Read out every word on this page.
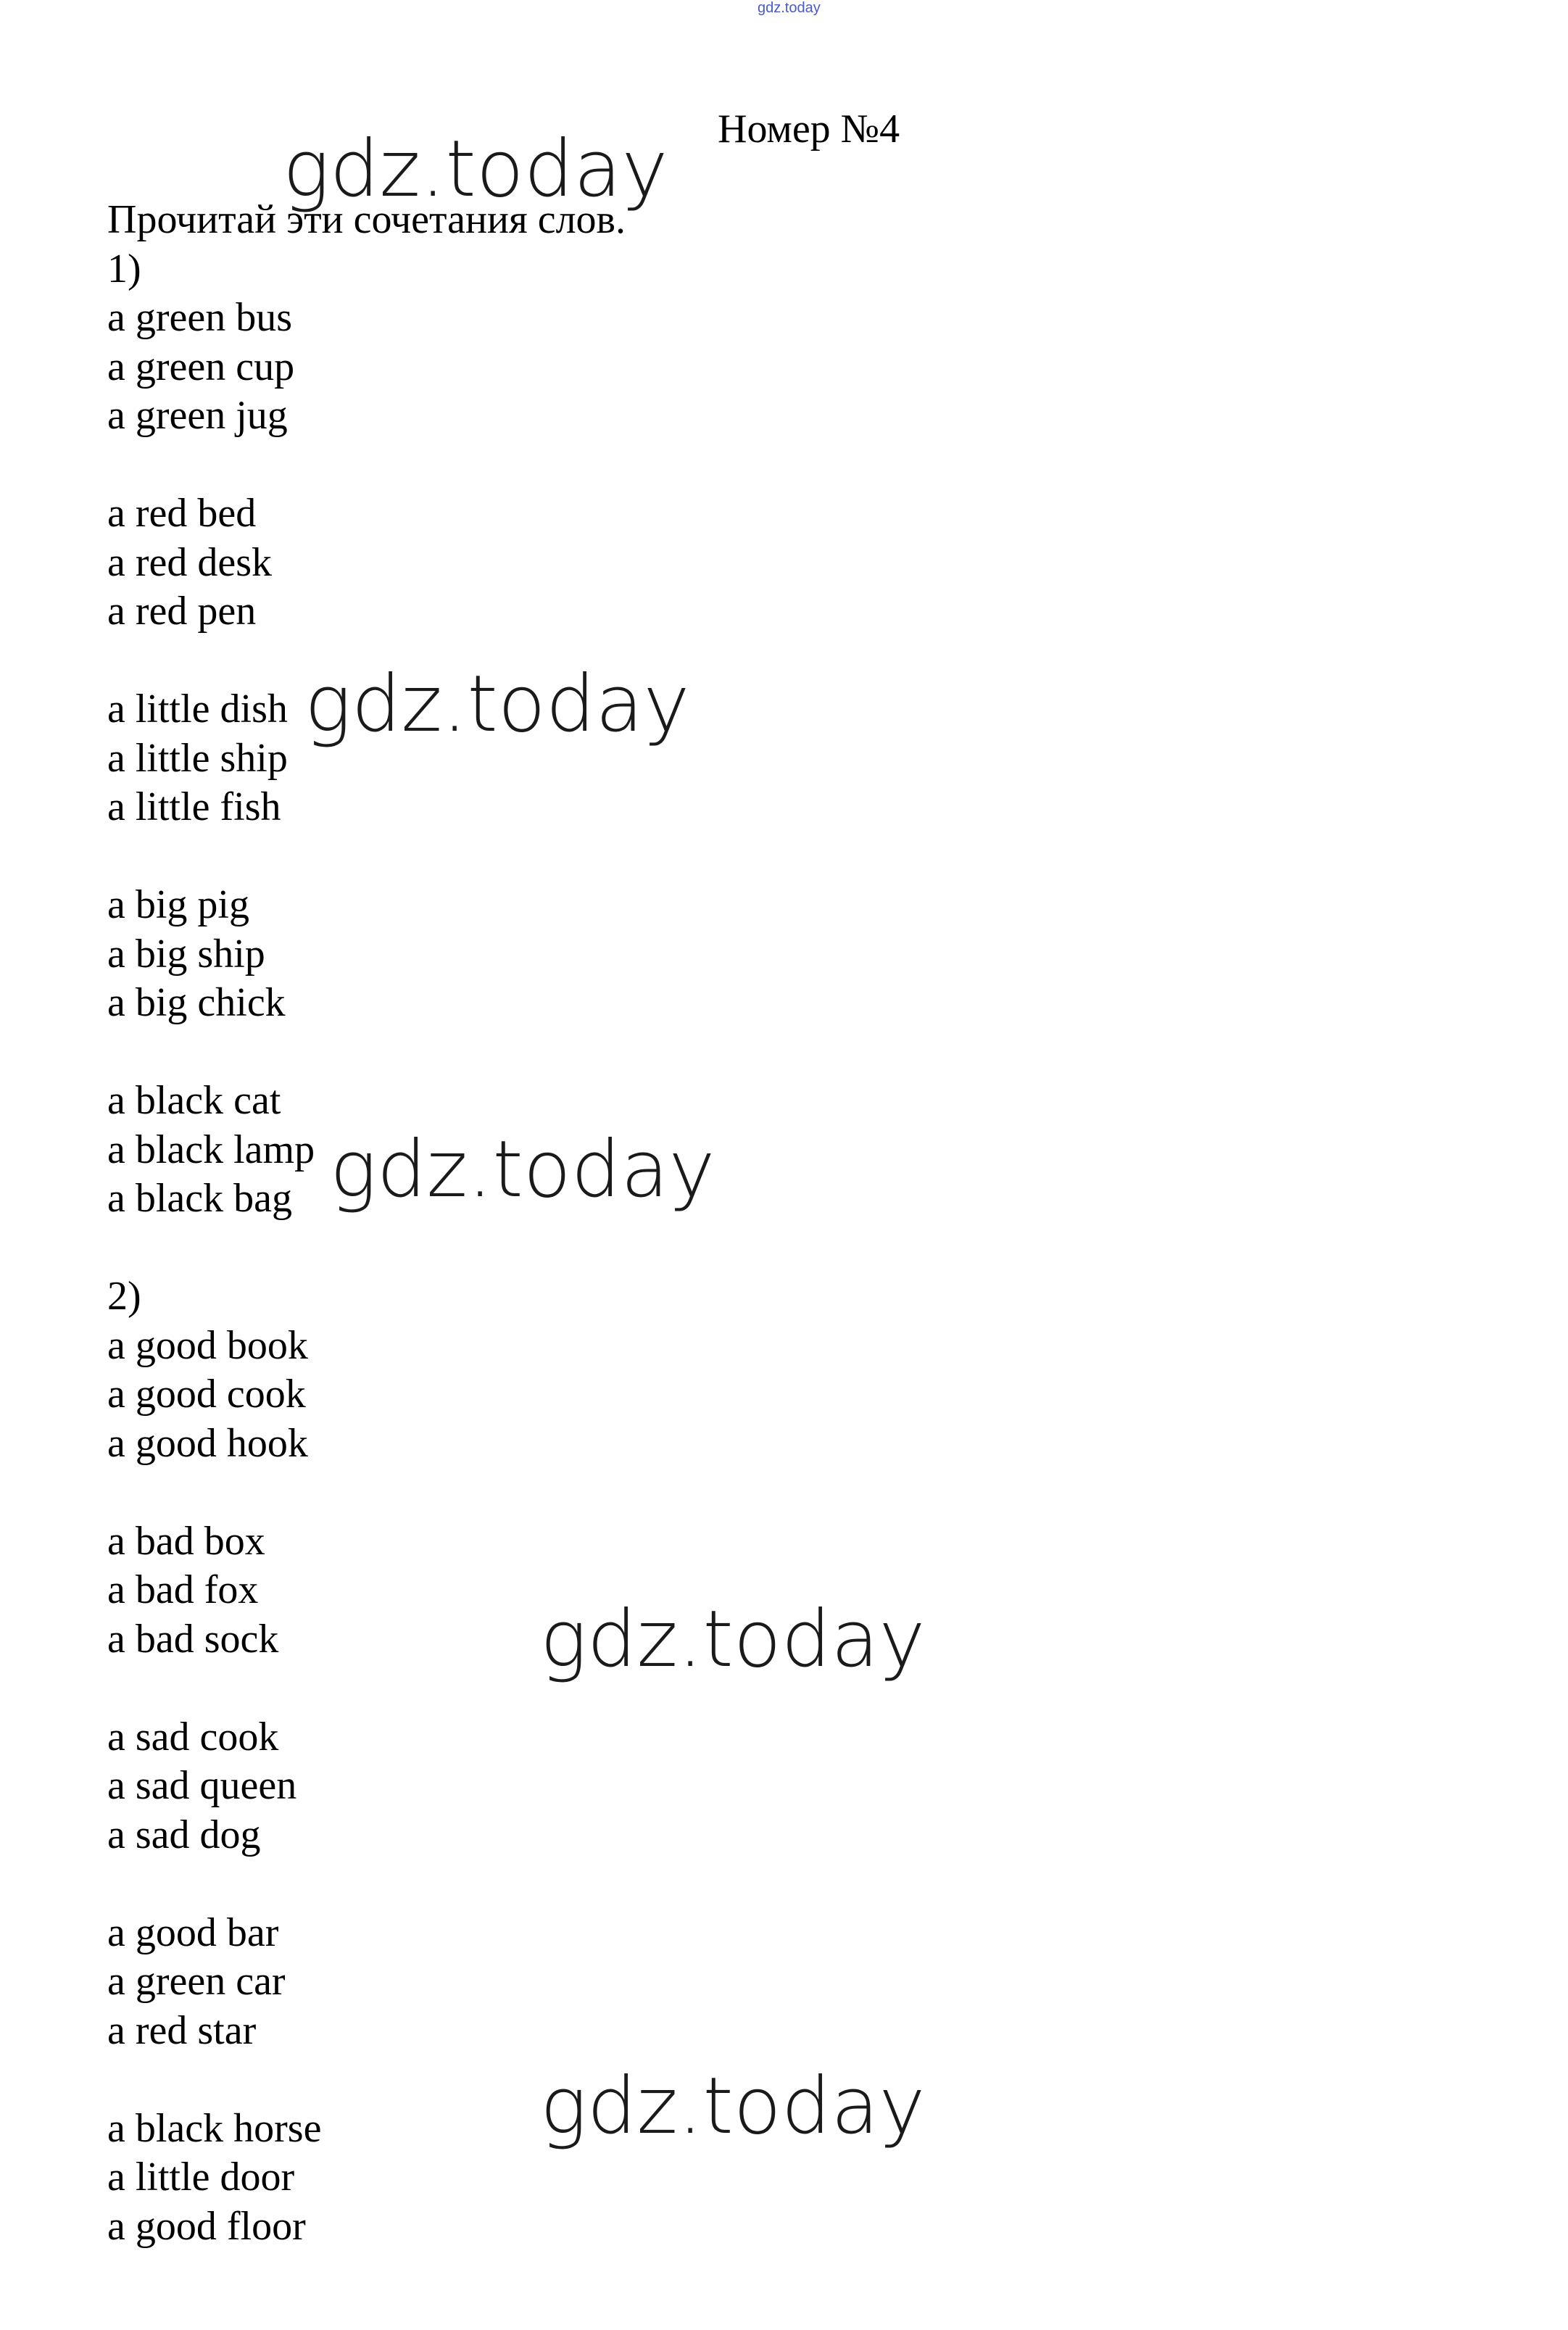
gdz.today
Номер №4
Прочитай эти сочетания слов.
1)
a green bus
a green cup
a green jug
a red bed
a red desk
a red pen
a little dish
a little ship
a little fish
a big pig
a big ship
a big chick
a black cat
a black lamp
a black bag
2)
a good book
a good cook
a good hook
a bad box
a bad fox
a bad sock
a sad cook
a sad queen
a sad dog
a good bar
a green car
a red star
a black horse
a little door
a good floor
gdz.today
gdz.today
gdz.today
gdz.today
gdz.today
